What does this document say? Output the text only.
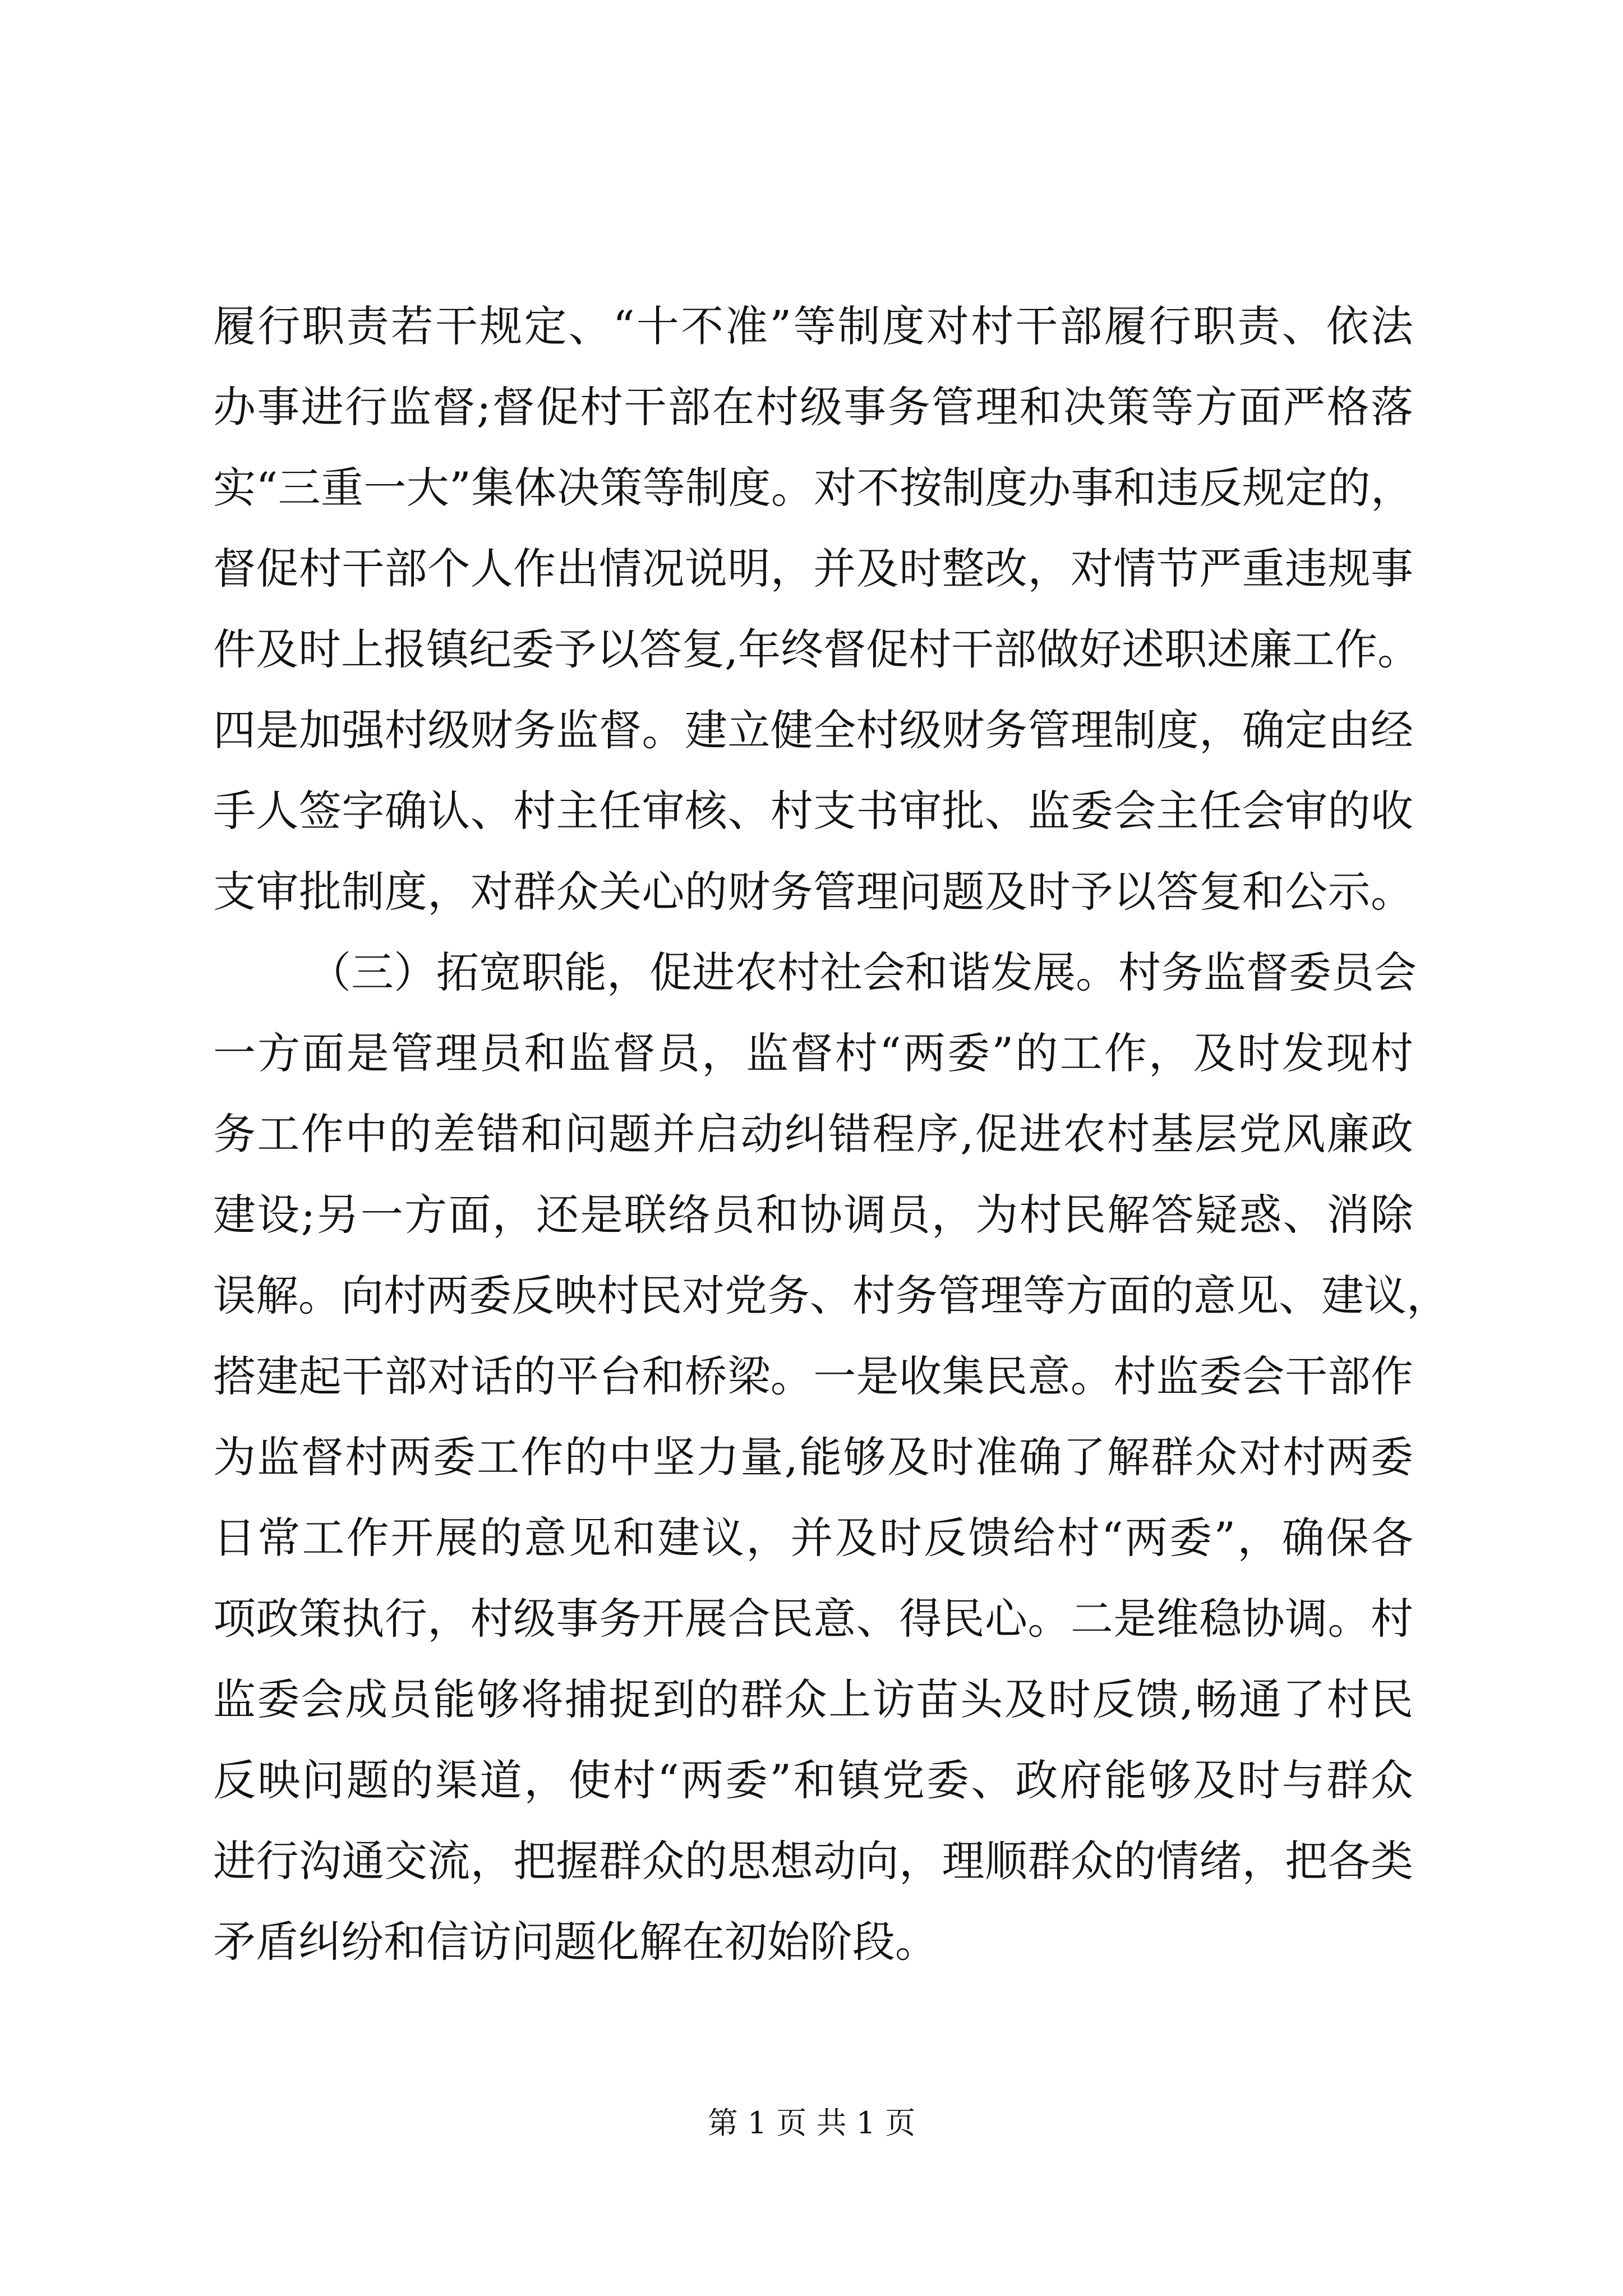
履行职责若干规定、“十不准”等制度对村干部履行职责、依法
办事进行监督;督促村干部在村级事务管理和决策等方面严格落
实“三重一大”集体决策等制度。对不按制度办事和违反规定的，
督促村干部个人作出情况说明，并及时整改，对情节严重违规事
件及时上报镇纪委予以答复,年终督促村干部做好述职述廉工作。
四是加强村级财务监督。建立健全村级财务管理制度，确定由经
手人签字确认、村主任审核、村支书审批、监委会主任会审的收
支审批制度，对群众关心的财务管理问题及时予以答复和公示。
（三）拓宽职能，促进农村社会和谐发展。村务监督委员会
一方面是管理员和监督员，监督村“两委”的工作，及时发现村
务工作中的差错和问题并启动纠错程序,促进农村基层党风廉政
建设;另一方面，还是联络员和协调员，为村民解答疑惑、消除
误解。向村两委反映村民对党务、村务管理等方面的意见、建议，
搭建起干部对话的平台和桥梁。一是收集民意。村监委会干部作
为监督村两委工作的中坚力量,能够及时准确了解群众对村两委
日常工作开展的意见和建议，并及时反馈给村“两委”，确保各
项政策执行，村级事务开展合民意、得民心。二是维稳协调。村
监委会成员能够将捕捉到的群众上访苗头及时反馈,畅通了村民
反映问题的渠道，使村“两委”和镇党委、政府能够及时与群众
进行沟通交流，把握群众的思想动向，理顺群众的情绪，把各类
矛盾纠纷和信访问题化解在初始阶段。
第 1 页 共 1 页
